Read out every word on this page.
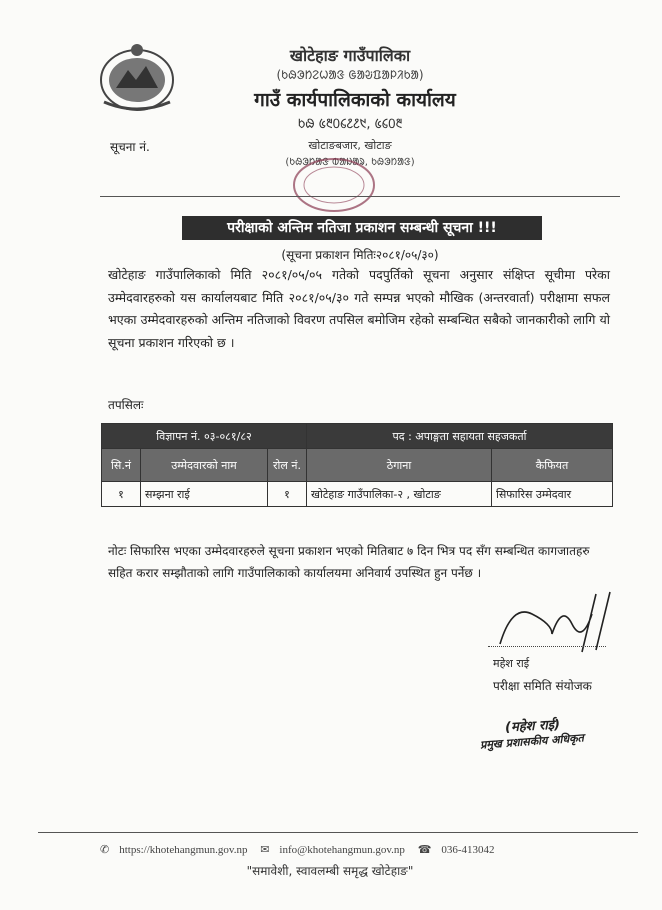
खोटेहाङ गाउँपालिका
(ᱠᱷᱳᱴᱮᱦᱟᱝ ᱜᱟᱶᱯᱟᱞᱤᱠᱟ)
गाउँ कार्यपालिकाको कार्यालय
ᱠᱷ ᱕᱓᱐᱔᱒᱒᱑, ᱕᱔᱐᱓
खोटाङबजार, खोटाङ
(ᱠᱷᱳᱴᱟᱝ ᱵᱟᱡᱟᱨ, ᱠᱷᱳᱴᱟᱝ)
सूचना नं.
परीक्षाको अन्तिम नतिजा प्रकाशन सम्बन्धी सूचना !!!
(सूचना प्रकाशन मितिः२०८१/०५/३०)
खोटेहाङ गाउँपालिकाको मिति २०८१/०५/०५ गतेको पदपुर्तिको सूचना अनुसार संक्षिप्त सूचीमा परेका उम्मेदवारहरुको यस कार्यालयबाट मिति २०८१/०५/३० गते सम्पन्न भएको मौखिक (अन्तरवार्ता) परीक्षामा सफल भएका उम्मेदवारहरुको अन्तिम नतिजाको विवरण तपसिल बमोजिम रहेको सम्बन्धित सबैको जानकारीको लागि यो सूचना प्रकाशन गरिएको छ ।
तपसिलः
विज्ञापन नं. ०३-०८१/८२			पद : अपाङ्गता सहायता सहजकर्ता	
सि.नं	उम्मेदवारको नाम	रोल नं.	ठेगाना	कैफियत
१	सम्झना राई	१	खोटेहाङ गाउँपालिका-२ , खोटाङ	सिफारिस उम्मेदवार
नोटः सिफारिस भएका उम्मेदवारहरुले सूचना प्रकाशन भएको मितिबाट ७ दिन भित्र पद सँग सम्बन्धित कागजातहरु सहित करार सम्झौताको लागि गाउँपालिकाको कार्यालयमा अनिवार्य उपस्थित हुन पर्नेछ ।
महेश राई
परीक्षा समिति संयोजक
(महेश राई)
प्रमुख प्रशासकीय अधिकृत
✆ https://khotehangmun.gov.np ✉ info@khotehangmun.gov.np ☎ 036-413042
"समावेशी, स्वावलम्बी समृद्ध खोटेहाङ"
